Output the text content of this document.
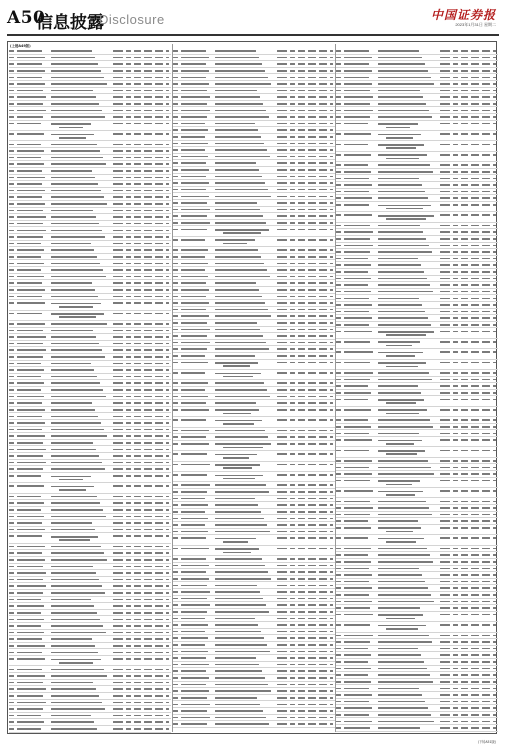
A50
信息披露
Disclosure	中国证券报
2023年1月31日 星期二
(上接A49版)
(下转A51版)
